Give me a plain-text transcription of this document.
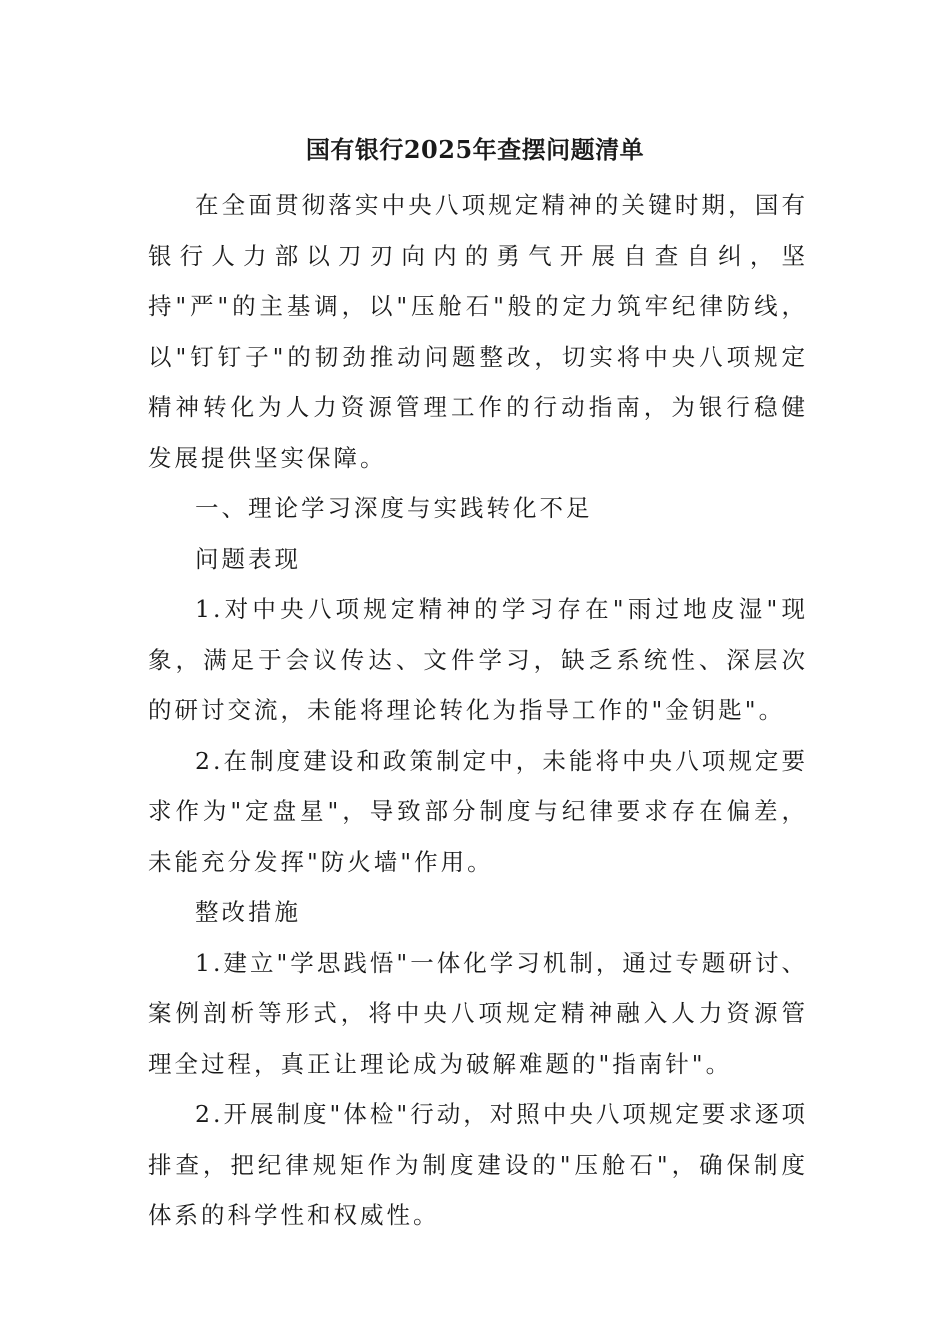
国有银行2025年查摆问题清单

在全面贯彻落实中央八项规定精神的关键时期，国有银行人力部以刀刃向内的勇气开展自查自纠，坚持"严"的主基调，以"压舱石"般的定力筑牢纪律防线，以"钉钉子"的韧劲推动问题整改，切实将中央八项规定精神转化为人力资源管理工作的行动指南，为银行稳健发展提供坚实保障。

一、理论学习深度与实践转化不足

问题表现

1.对中央八项规定精神的学习存在"雨过地皮湿"现象，满足于会议传达、文件学习，缺乏系统性、深层次的研讨交流，未能将理论转化为指导工作的"金钥匙"。

2.在制度建设和政策制定中，未能将中央八项规定要求作为"定盘星"，导致部分制度与纪律要求存在偏差，未能充分发挥"防火墙"作用。

整改措施

1.建立"学思践悟"一体化学习机制，通过专题研讨、案例剖析等形式，将中央八项规定精神融入人力资源管理全过程，真正让理论成为破解难题的"指南针"。

2.开展制度"体检"行动，对照中央八项规定要求逐项排查，把纪律规矩作为制度建设的"压舱石"，确保制度体系的科学性和权威性。
